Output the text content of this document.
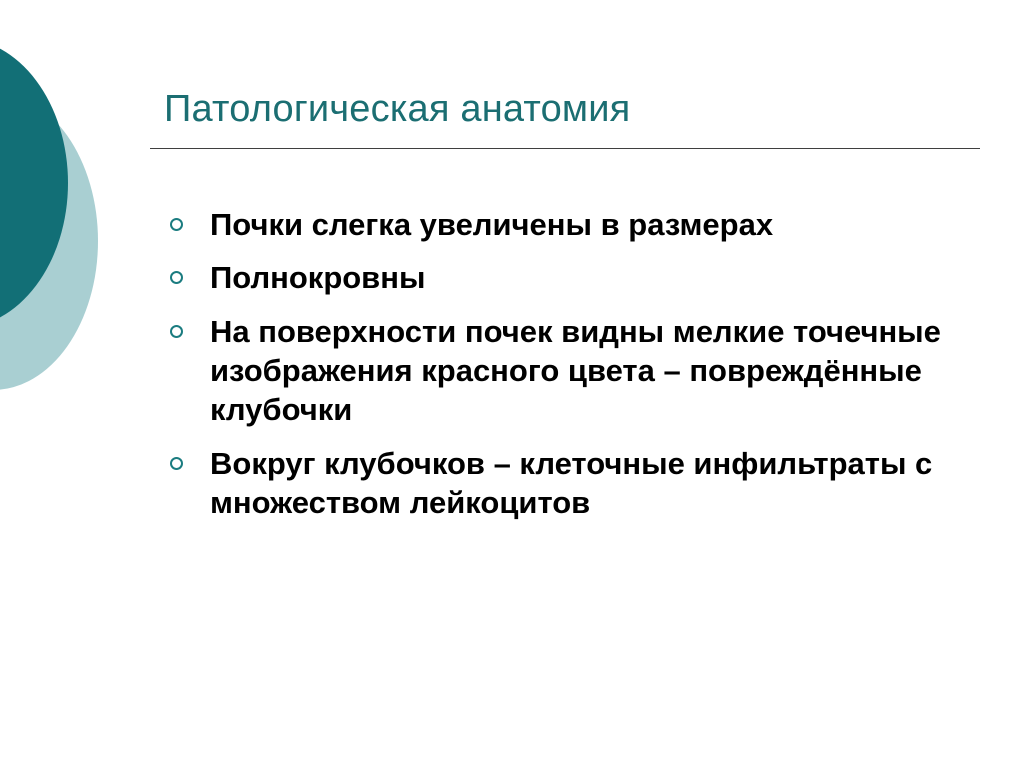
Патологическая анатомия
Почки слегка увеличены в размерах
Полнокровны
На поверхности почек видны мелкие точечные изображения красного цвета – повреждённые клубочки
Вокруг клубочков – клеточные инфильтраты с множеством лейкоцитов
